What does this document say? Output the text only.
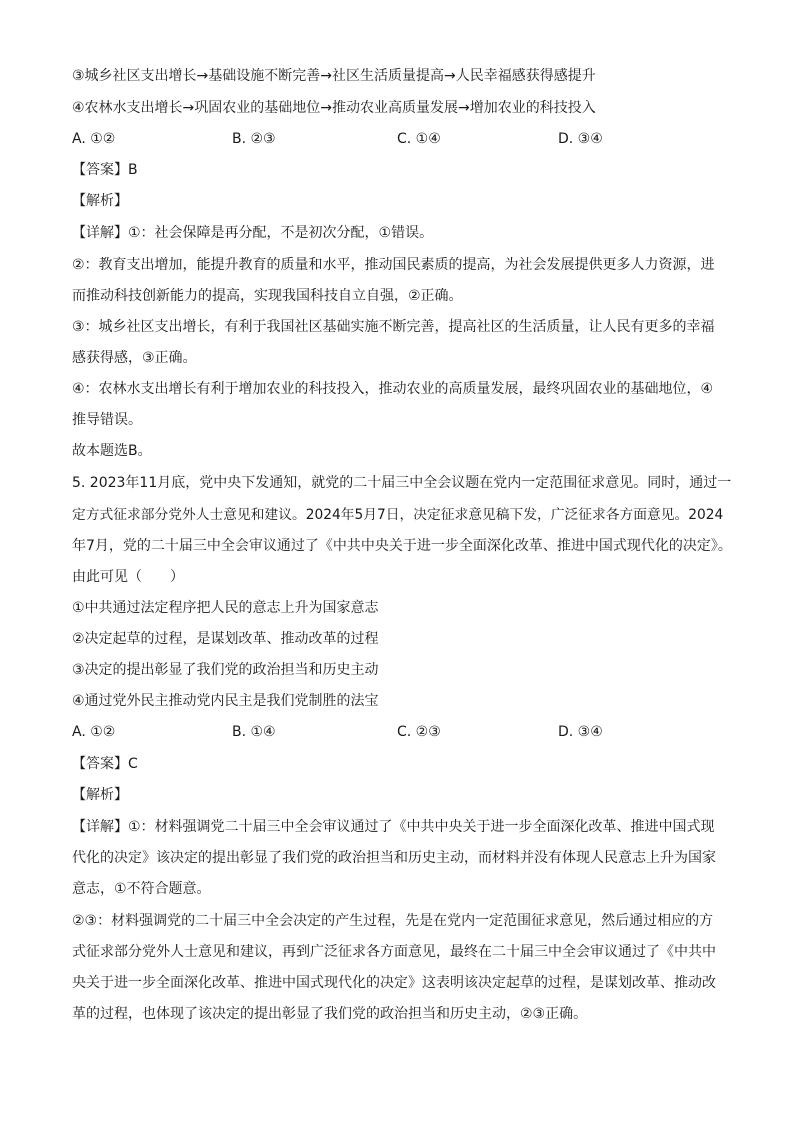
③城乡社区支出增长→基础设施不断完善→社区生活质量提高→人民幸福感获得感提升
④农林水支出增长→巩固农业的基础地位→推动农业高质量发展→增加农业的科技投入
A. ①②	B. ②③	C. ①④	D. ③④
【答案】B
【解析】
【详解】①：社会保障是再分配，不是初次分配，①错误。
②：教育支出增加，能提升教育的质量和水平，推动国民素质的提高，为社会发展提供更多人力资源，进
而推动科技创新能力的提高，实现我国科技自立自强，②正确。
③：城乡社区支出增长，有利于我国社区基础实施不断完善，提高社区的生活质量，让人民有更多的幸福
感获得感，③正确。
④：农林水支出增长有利于增加农业的科技投入，推动农业的高质量发展，最终巩固农业的基础地位，④
推导错误。
故本题选B。
5. 2023年11月底，党中央下发通知，就党的二十届三中全会议题在党内一定范围征求意见。同时，通过一
定方式征求部分党外人士意见和建议。2024年5月7日，决定征求意见稿下发，广泛征求各方面意见。2024
年7月，党的二十届三中全会审议通过了《中共中央关于进一步全面深化改革、推进中国式现代化的决定》。
由此可见（　　）
①中共通过法定程序把人民的意志上升为国家意志
②决定起草的过程，是谋划改革、推动改革的过程
③决定的提出彰显了我们党的政治担当和历史主动
④通过党外民主推动党内民主是我们党制胜的法宝
A. ①②	B. ①④	C. ②③	D. ③④
【答案】C
【解析】
【详解】①：材料强调党二十届三中全会审议通过了《中共中央关于进一步全面深化改革、推进中国式现
代化的决定》该决定的提出彰显了我们党的政治担当和历史主动，而材料并没有体现人民意志上升为国家
意志，①不符合题意。
②③：材料强调党的二十届三中全会决定的产生过程，先是在党内一定范围征求意见，然后通过相应的方
式征求部分党外人士意见和建议，再到广泛征求各方面意见，最终在二十届三中全会审议通过了《中共中
央关于进一步全面深化改革、推进中国式现代化的决定》这表明该决定起草的过程，是谋划改革、推动改
革的过程，也体现了该决定的提出彰显了我们党的政治担当和历史主动，②③正确。
